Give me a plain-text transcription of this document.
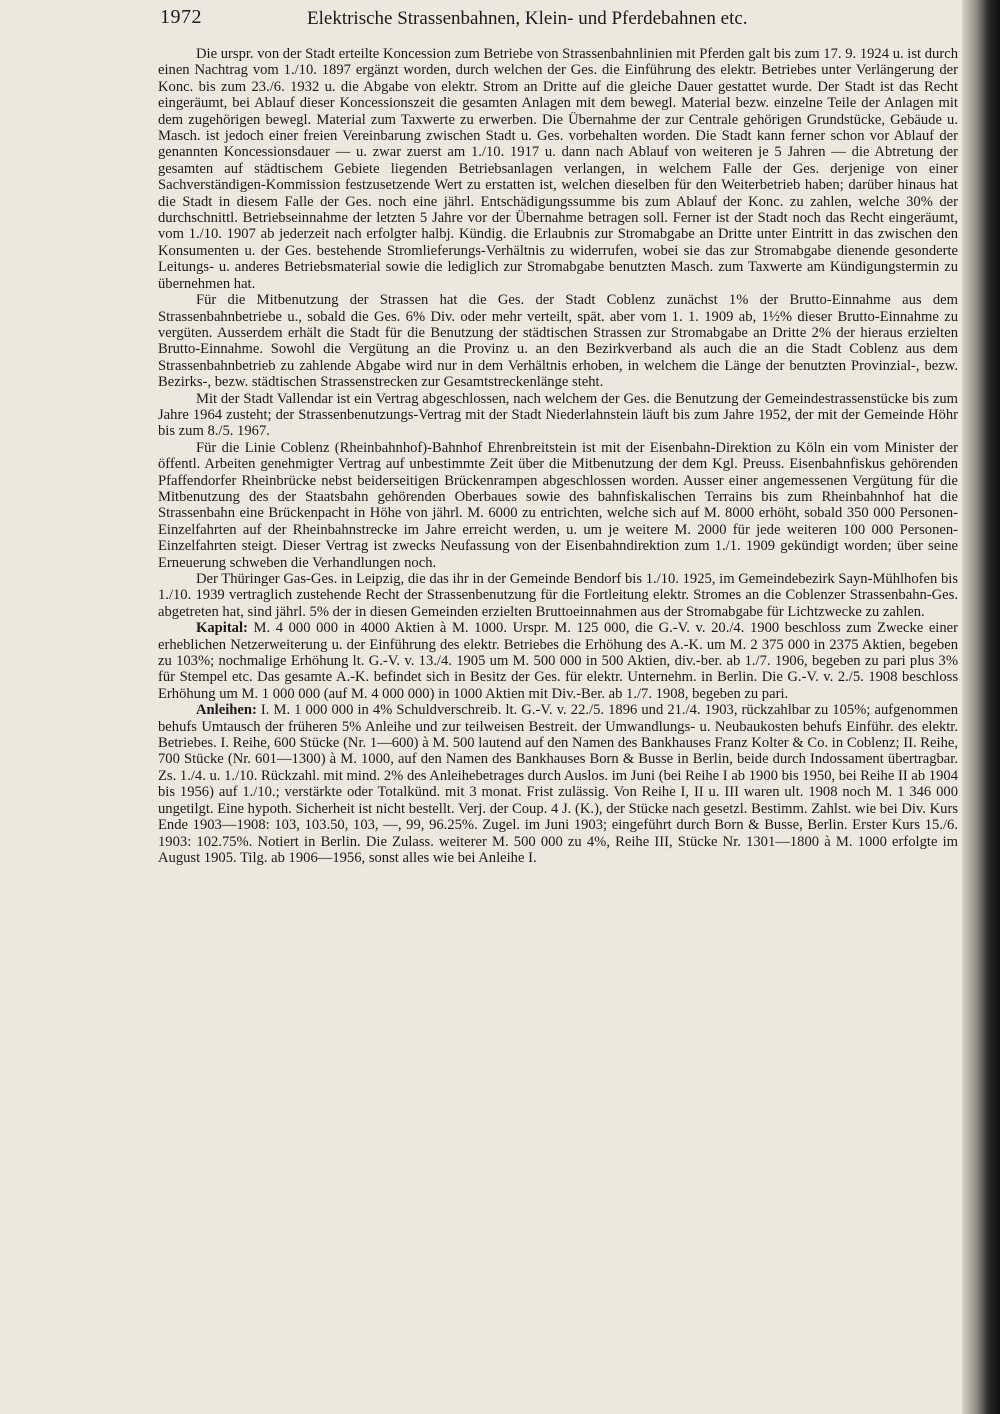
1972	Elektrische Strassenbahnen, Klein- und Pferdebahnen etc.

Die urspr. von der Stadt erteilte Koncession zum Betriebe von Strassenbahnlinien mit Pferden galt bis zum 17. 9. 1924 u. ist durch einen Nachtrag vom 1./10. 1897 ergänzt worden, durch welchen der Ges. die Einführung des elektr. Betriebes unter Verlängerung der Konc. bis zum 23./6. 1932 u. die Abgabe von elektr. Strom an Dritte auf die gleiche Dauer gestattet wurde. Der Stadt ist das Recht eingeräumt, bei Ablauf dieser Koncessionszeit die gesamten Anlagen mit dem bewegl. Material bezw. einzelne Teile der Anlagen mit dem zugehörigen bewegl. Material zum Taxwerte zu erwerben. Die Übernahme der zur Centrale gehörigen Grundstücke, Gebäude u. Masch. ist jedoch einer freien Vereinbarung zwischen Stadt u. Ges. vorbehalten worden. Die Stadt kann ferner schon vor Ablauf der genannten Koncessionsdauer — u. zwar zuerst am 1./10. 1917 u. dann nach Ablauf von weiteren je 5 Jahren — die Abtretung der gesamten auf städtischem Gebiete liegenden Betriebsanlagen verlangen, in welchem Falle der Ges. derjenige von einer Sachverständigen-Kommission festzusetzende Wert zu erstatten ist, welchen dieselben für den Weiterbetrieb haben; darüber hinaus hat die Stadt in diesem Falle der Ges. noch eine jährl. Entschädigungssumme bis zum Ablauf der Konc. zu zahlen, welche 30% der durchschnittl. Betriebseinnahme der letzten 5 Jahre vor der Übernahme betragen soll. Ferner ist der Stadt noch das Recht eingeräumt, vom 1./10. 1907 ab jederzeit nach erfolgter halbj. Kündig. die Erlaubnis zur Stromabgabe an Dritte unter Eintritt in das zwischen den Konsumenten u. der Ges. bestehende Stromlieferungs-Verhältnis zu widerrufen, wobei sie das zur Stromabgabe dienende gesonderte Leitungs- u. anderes Betriebsmaterial sowie die lediglich zur Stromabgabe benutzten Masch. zum Taxwerte am Kündigungstermin zu übernehmen hat.

Für die Mitbenutzung der Strassen hat die Ges. der Stadt Coblenz zunächst 1% der Brutto-Einnahme aus dem Strassenbahnbetriebe u., sobald die Ges. 6% Div. oder mehr verteilt, spät. aber vom 1. 1. 1909 ab, 1½% dieser Brutto-Einnahme zu vergüten. Ausserdem erhält die Stadt für die Benutzung der städtischen Strassen zur Stromabgabe an Dritte 2% der hieraus erzielten Brutto-Einnahme. Sowohl die Vergütung an die Provinz u. an den Bezirkverband als auch die an die Stadt Coblenz aus dem Strassenbahnbetrieb zu zahlende Abgabe wird nur in dem Verhältnis erhoben, in welchem die Länge der benutzten Provinzial-, bezw. Bezirks-, bezw. städtischen Strassenstrecken zur Gesamtstreckenlänge steht.

Mit der Stadt Vallendar ist ein Vertrag abgeschlossen, nach welchem der Ges. die Benutzung der Gemeindestrassenstücke bis zum Jahre 1964 zusteht; der Strassenbenutzungs-Vertrag mit der Stadt Niederlahnstein läuft bis zum Jahre 1952, der mit der Gemeinde Höhr bis zum 8./5. 1967.

Für die Linie Coblenz (Rheinbahnhof)-Bahnhof Ehrenbreitstein ist mit der Eisenbahn-Direktion zu Köln ein vom Minister der öffentl. Arbeiten genehmigter Vertrag auf unbestimmte Zeit über die Mitbenutzung der dem Kgl. Preuss. Eisenbahnfiskus gehörenden Pfaffendorfer Rheinbrücke nebst beiderseitigen Brückenrampen abgeschlossen worden. Ausser einer angemessenen Vergütung für die Mitbenutzung des der Staatsbahn gehörenden Oberbaues sowie des bahnfiskalischen Terrains bis zum Rheinbahnhof hat die Strassenbahn eine Brückenpacht in Höhe von jährl. M. 6000 zu entrichten, welche sich auf M. 8000 erhöht, sobald 350 000 Personen-Einzelfahrten auf der Rheinbahnstrecke im Jahre erreicht werden, u. um je weitere M. 2000 für jede weiteren 100 000 Personen-Einzelfahrten steigt. Dieser Vertrag ist zwecks Neufassung von der Eisenbahndirektion zum 1./1. 1909 gekündigt worden; über seine Erneuerung schweben die Verhandlungen noch.

Der Thüringer Gas-Ges. in Leipzig, die das ihr in der Gemeinde Bendorf bis 1./10. 1925, im Gemeindebezirk Sayn-Mühlhofen bis 1./10. 1939 vertraglich zustehende Recht der Strassenbenutzung für die Fortleitung elektr. Stromes an die Coblenzer Strassenbahn-Ges. abgetreten hat, sind jährl. 5% der in diesen Gemeinden erzielten Bruttoeinnahmen aus der Stromabgabe für Lichtzwecke zu zahlen.

Kapital: M. 4 000 000 in 4000 Aktien à M. 1000. Urspr. M. 125 000, die G.-V. v. 20./4. 1900 beschloss zum Zwecke einer erheblichen Netzerweiterung u. der Einführung des elektr. Betriebes die Erhöhung des A.-K. um M. 2 375 000 in 2375 Aktien, begeben zu 103%; nochmalige Erhöhung lt. G.-V. v. 13./4. 1905 um M. 500 000 in 500 Aktien, div.-ber. ab 1./7. 1906, begeben zu pari plus 3% für Stempel etc. Das gesamte A.-K. befindet sich in Besitz der Ges. für elektr. Unternehm. in Berlin. Die G.-V. v. 2./5. 1908 beschloss Erhöhung um M. 1 000 000 (auf M. 4 000 000) in 1000 Aktien mit Div.-Ber. ab 1./7. 1908, begeben zu pari.

Anleihen: I. M. 1 000 000 in 4% Schuldverschreib. lt. G.-V. v. 22./5. 1896 und 21./4. 1903, rückzahlbar zu 105%; aufgenommen behufs Umtausch der früheren 5% Anleihe und zur teilweisen Bestreit. der Umwandlungs- u. Neubaukosten behufs Einführ. des elektr. Betriebes. I. Reihe, 600 Stücke (Nr. 1—600) à M. 500 lautend auf den Namen des Bankhauses Franz Kolter & Co. in Coblenz; II. Reihe, 700 Stücke (Nr. 601—1300) à M. 1000, auf den Namen des Bankhauses Born & Busse in Berlin, beide durch Indossament übertragbar. Zs. 1./4. u. 1./10. Rückzahl. mit mind. 2% des Anleihebetrages durch Auslos. im Juni (bei Reihe I ab 1900 bis 1950, bei Reihe II ab 1904 bis 1956) auf 1./10.; verstärkte oder Totalkünd. mit 3 monat. Frist zulässig. Von Reihe I, II u. III waren ult. 1908 noch M. 1 346 000 ungetilgt. Eine hypoth. Sicherheit ist nicht bestellt. Verj. der Coup. 4 J. (K.), der Stücke nach gesetzl. Bestimm. Zahlst. wie bei Div. Kurs Ende 1903—1908: 103, 103.50, 103, —, 99, 96.25%. Zugel. im Juni 1903; eingeführt durch Born & Busse, Berlin. Erster Kurs 15./6. 1903: 102.75%. Notiert in Berlin. Die Zulass. weiterer M. 500 000 zu 4%, Reihe III, Stücke Nr. 1301—1800 à M. 1000 erfolgte im August 1905. Tilg. ab 1906—1956, sonst alles wie bei Anleihe I.
